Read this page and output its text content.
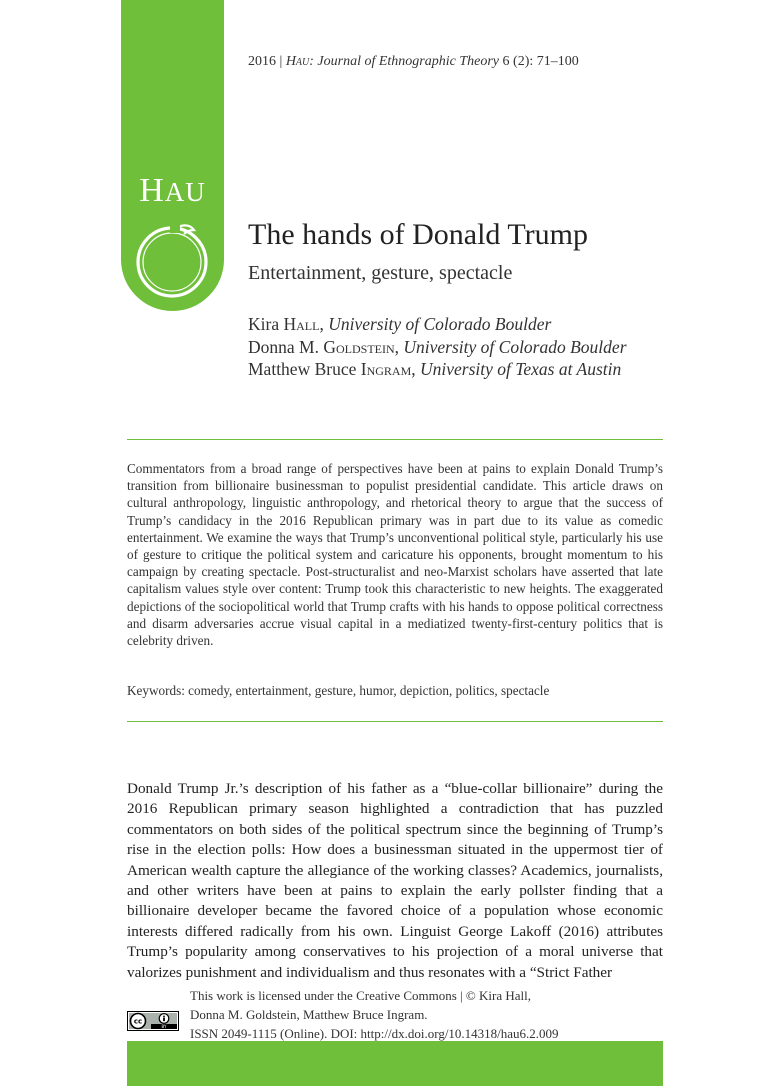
HAU
2016 | Hau: Journal of Ethnographic Theory 6 (2): 71–100
The hands of Donald Trump
Entertainment, gesture, spectacle
Kira Hall, University of Colorado Boulder
Donna M. Goldstein, University of Colorado Boulder
Matthew Bruce Ingram, University of Texas at Austin
Commentators from a broad range of perspectives have been at pains to explain Donald Trump’s transition from billionaire businessman to populist presidential candidate. This article draws on cultural anthropology, linguistic anthropology, and rhetorical theory to argue that the success of Trump’s candidacy in the 2016 Republican primary was in part due to its value as comedic entertainment. We examine the ways that Trump’s unconventional political style, particularly his use of gesture to critique the political system and caricature his opponents, brought momentum to his campaign by creating spectacle. Post-structuralist and neo-Marxist scholars have asserted that late capitalism values style over content: Trump took this characteristic to new heights. The exaggerated depictions of the sociopolitical world that Trump crafts with his hands to oppose political correctness and disarm adversaries accrue visual capital in a mediatized twenty-first-century politics that is celebrity driven.
Keywords: comedy, entertainment, gesture, humor, depiction, politics, spectacle
Donald Trump Jr.’s description of his father as a “blue-collar billionaire” during the 2016 Republican primary season highlighted a contradiction that has puzzled commentators on both sides of the political spectrum since the beginning of Trump’s rise in the election polls: How does a businessman situated in the uppermost tier of American wealth capture the allegiance of the working classes? Academics, journalists, and other writers have been at pains to explain the early pollster finding that a billionaire developer became the favored choice of a population whose economic interests differed radically from his own. Linguist George Lakoff (2016) attributes Trump’s popularity among conservatives to his projection of a moral universe that valorizes punishment and individualism and thus resonates with a “Strict Father
cc
BY
This work is licensed under the Creative Commons | © Kira Hall,
Donna M. Goldstein, Matthew Bruce Ingram.
ISSN 2049-1115 (Online). DOI: http://dx.doi.org/10.14318/hau6.2.009
